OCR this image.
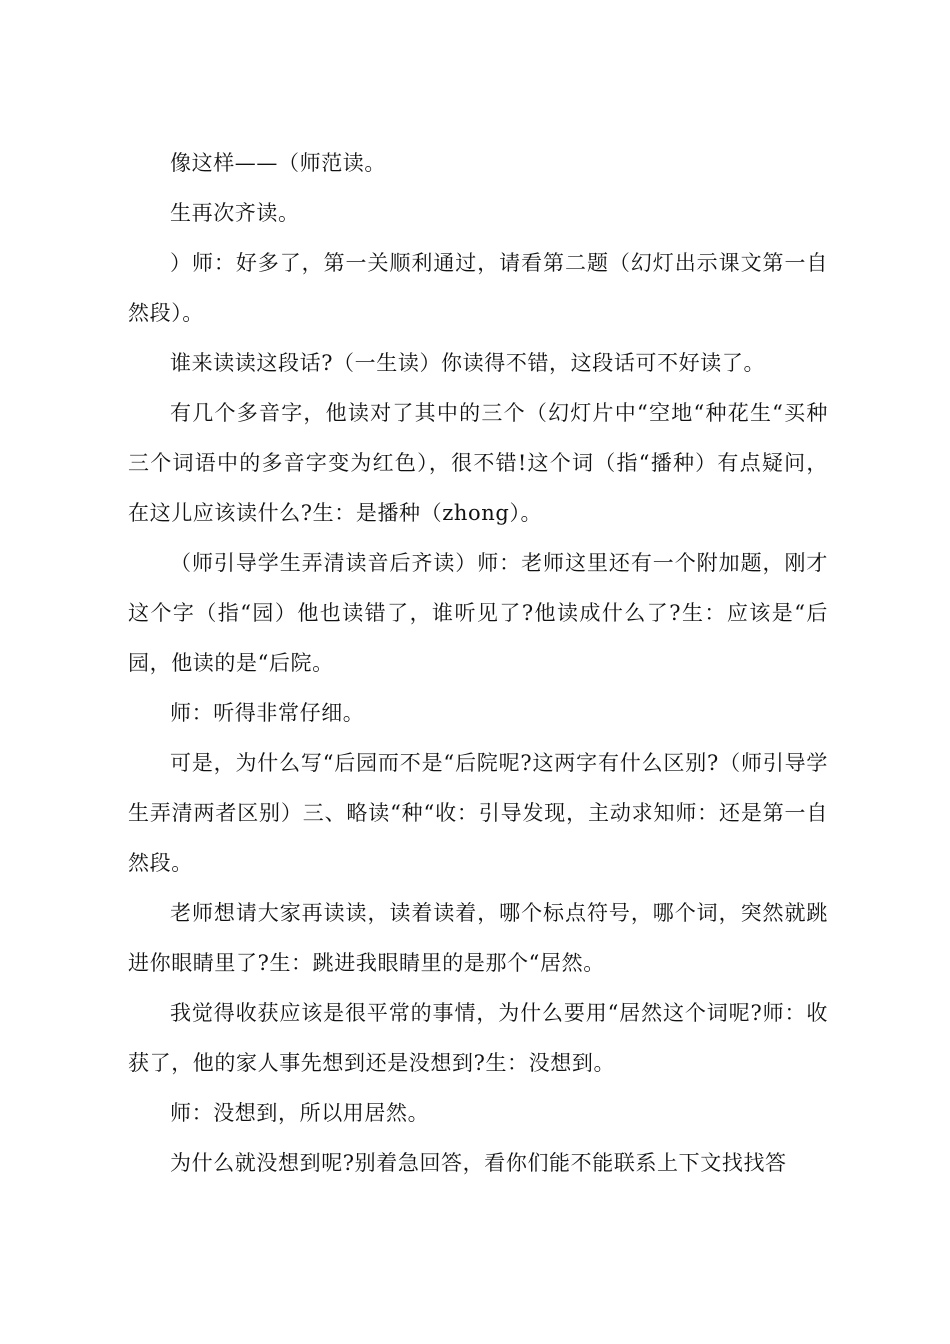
像这样——（师范读。

生再次齐读。

）师：好多了，第一关顺利通过，请看第二题（幻灯出示课文第一自然段）。

谁来读读这段话?（一生读）你读得不错，这段话可不好读了。

有几个多音字，他读对了其中的三个（幻灯片中“空地“种花生“买种三个词语中的多音字变为红色），很不错!这个词（指“播种）有点疑问，在这儿应该读什么?生：是播种（zhong）。

（师引导学生弄清读音后齐读）师：老师这里还有一个附加题，刚才这个字（指“园）他也读错了，谁听见了?他读成什么了?生：应该是“后园，他读的是“后院。

师：听得非常仔细。

可是，为什么写“后园而不是“后院呢?这两字有什么区别?（师引导学生弄清两者区别）三、略读“种“收：引导发现，主动求知师：还是第一自然段。

老师想请大家再读读，读着读着，哪个标点符号，哪个词，突然就跳进你眼睛里了?生：跳进我眼睛里的是那个“居然。

我觉得收获应该是很平常的事情，为什么要用“居然这个词呢?师：收获了，他的家人事先想到还是没想到?生：没想到。

师：没想到，所以用居然。

为什么就没想到呢?别着急回答，看你们能不能联系上下文找找答
